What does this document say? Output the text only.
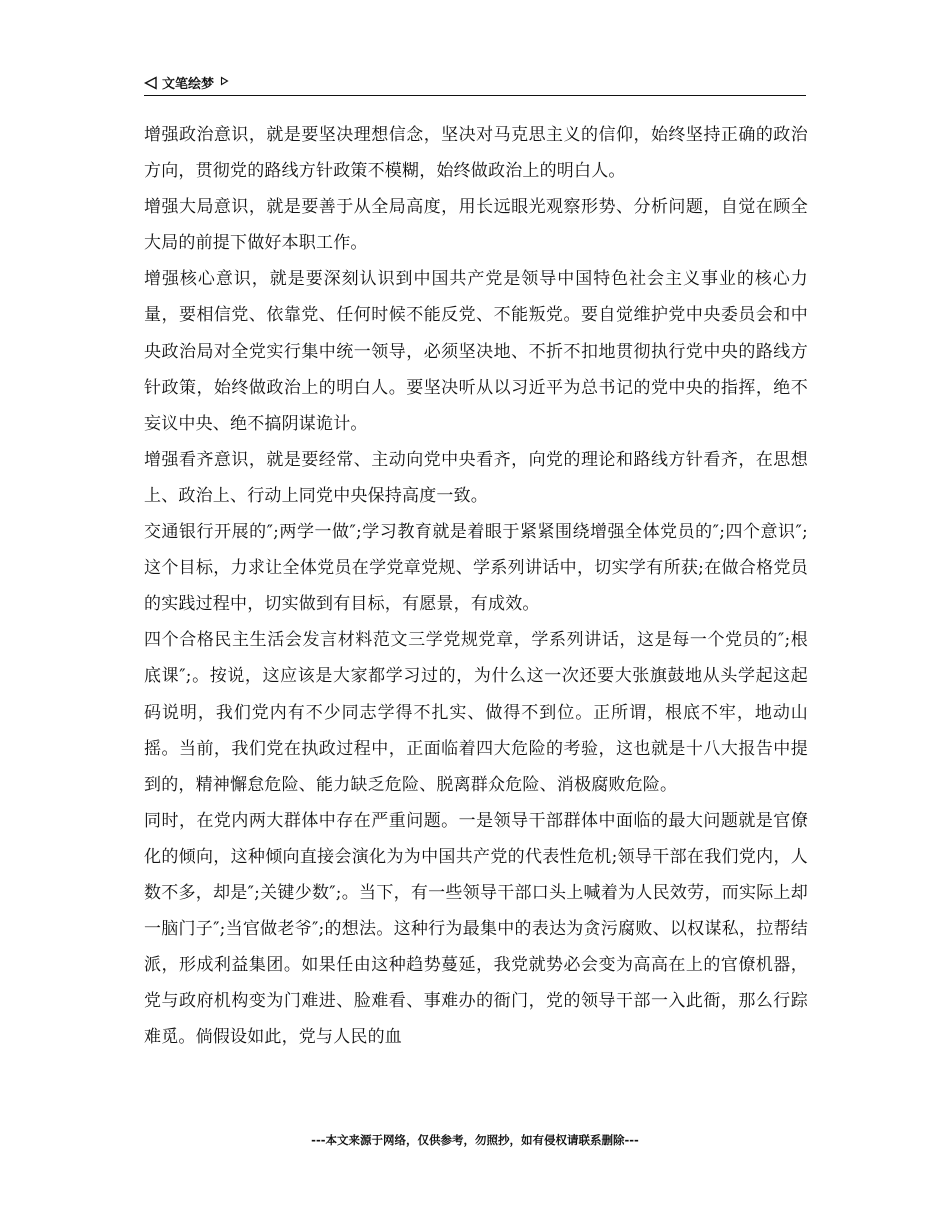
文笔绘梦

增强政治意识，就是要坚决理想信念，坚决对马克思主义的信仰，始终坚持正确的政治方向，贯彻党的路线方针政策不模糊，始终做政治上的明白人。

增强大局意识，就是要善于从全局高度，用长远眼光观察形势、分析问题，自觉在顾全大局的前提下做好本职工作。

增强核心意识，就是要深刻认识到中国共产党是领导中国特色社会主义事业的核心力量，要相信党、依靠党、任何时候不能反党、不能叛党。要自觉维护党中央委员会和中央政治局对全党实行集中统一领导，必须坚决地、不折不扣地贯彻执行党中央的路线方针政策，始终做政治上的明白人。要坚决听从以习近平为总书记的党中央的指挥，绝不妄议中央、绝不搞阴谋诡计。

增强看齐意识，就是要经常、主动向党中央看齐，向党的理论和路线方针看齐，在思想上、政治上、行动上同党中央保持高度一致。

交通银行开展的″;两学一做″;学习教育就是着眼于紧紧围绕增强全体党员的″;四个意识″;这个目标，力求让全体党员在学党章党规、学系列讲话中，切实学有所获;在做合格党员的实践过程中，切实做到有目标，有愿景，有成效。

四个合格民主生活会发言材料范文三学党规党章，学系列讲话，这是每一个党员的″;根底课″;。按说，这应该是大家都学习过的，为什么这一次还要大张旗鼓地从头学起这起码说明，我们党内有不少同志学得不扎实、做得不到位。正所谓，根底不牢，地动山摇。当前，我们党在执政过程中，正面临着四大危险的考验，这也就是十八大报告中提到的，精神懈怠危险、能力缺乏危险、脱离群众危险、消极腐败危险。

同时，在党内两大群体中存在严重问题。一是领导干部群体中面临的最大问题就是官僚化的倾向，这种倾向直接会演化为为中国共产党的代表性危机;领导干部在我们党内，人数不多，却是″;关键少数″;。当下，有一些领导干部口头上喊着为人民效劳，而实际上却一脑门子″;当官做老爷″;的想法。这种行为最集中的表达为贪污腐败、以权谋私，拉帮结派，形成利益集团。如果任由这种趋势蔓延，我党就势必会变为高高在上的官僚机器，党与政府机构变为门难进、脸难看、事难办的衙门，党的领导干部一入此衙，那么行踪难觅。倘假设如此，党与人民的血

---本文来源于网络，仅供参考，勿照抄，如有侵权请联系删除---
